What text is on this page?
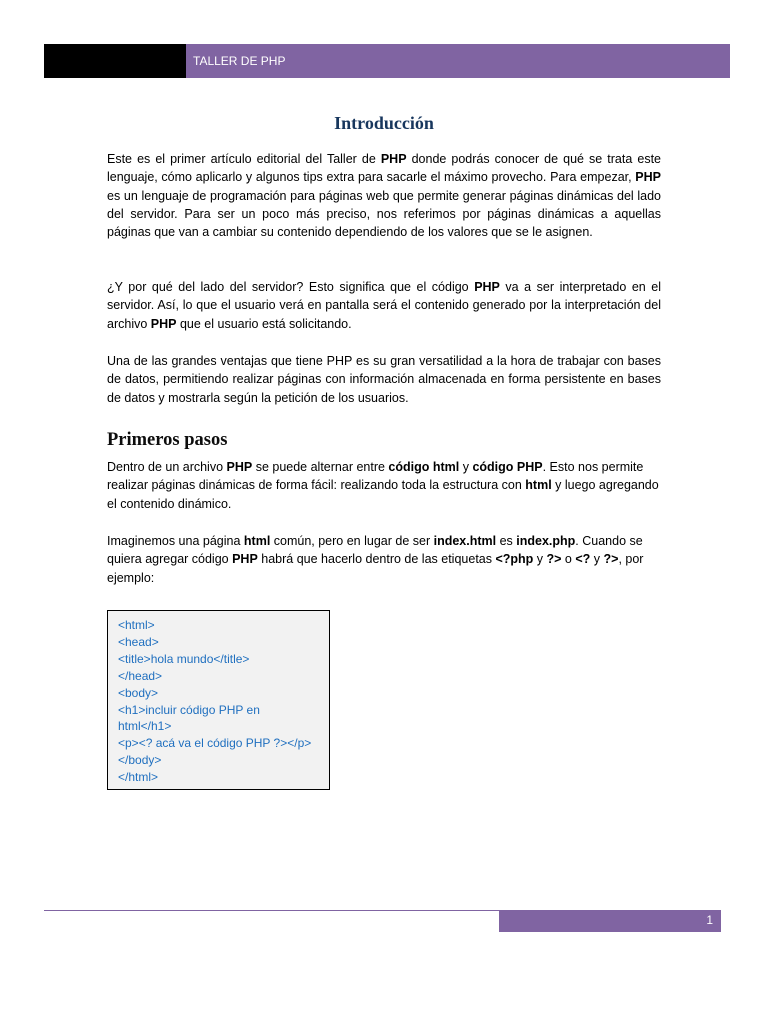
TALLER DE PHP
Introducción

Este es el primer artículo editorial del Taller de PHP donde podrás conocer de qué se trata este lenguaje, cómo aplicarlo y algunos tips extra para sacarle el máximo provecho. Para empezar, PHP es un lenguaje de programación para páginas web que permite generar páginas dinámicas del lado del servidor. Para ser un poco más preciso, nos referimos por páginas dinámicas a aquellas páginas que van a cambiar su contenido dependiendo de los valores que se le asignen.

¿Y por qué del lado del servidor? Esto significa que el código PHP va a ser interpretado en el servidor. Así, lo que el usuario verá en pantalla será el contenido generado por la interpretación del archivo PHP que el usuario está solicitando.

Una de las grandes ventajas que tiene PHP es su gran versatilidad a la hora de trabajar con bases de datos, permitiendo realizar páginas con información almacenada en forma persistente en bases de datos y mostrarla según la petición de los usuarios.

Primeros pasos

Dentro de un archivo PHP se puede alternar entre código html y código PHP. Esto nos permite realizar páginas dinámicas de forma fácil: realizando toda la estructura con html y luego agregando el contenido dinámico.

Imaginemos una página html común, pero en lugar de ser index.html es index.php. Cuando se quiera agregar código PHP habrá que hacerlo dentro de las etiquetas <?php y ?> o <? y ?>, por ejemplo:

<html>
<head>
<title>hola mundo</title>
</head>
<body>
<h1>incluir código PHP en
html</h1>
<p><? acá va el código PHP ?></p>
</body>
</html>
1
